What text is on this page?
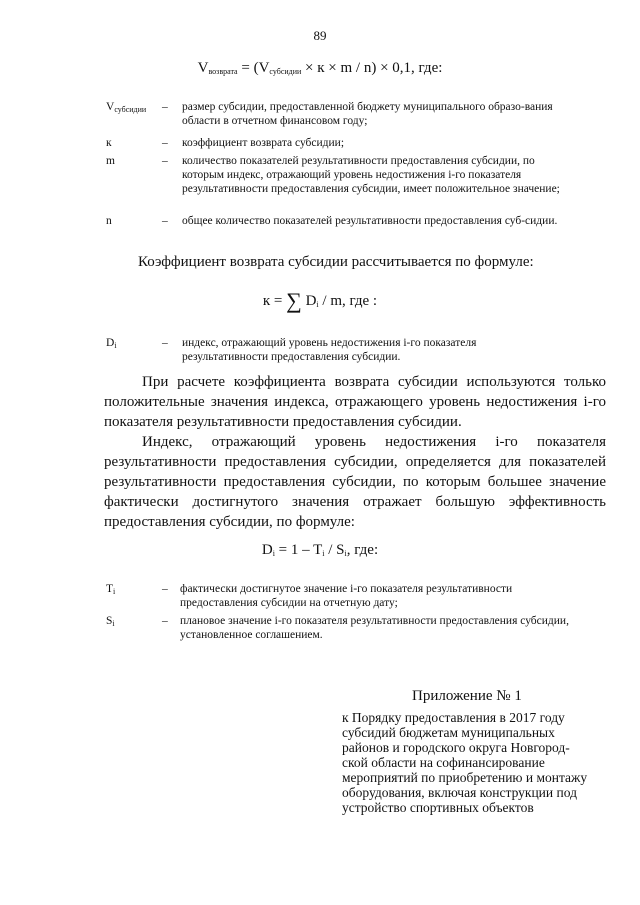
89
$V_{возврата} = (V_{субсидии} \times к \times m / n) \times 0,1$, где:
$V_{субсидии}$ – размер субсидии, предоставленной бюджету муниципального образо-вания области в отчетном финансовом году;
к	– коэффициент возврата субсидии;
m	– количество показателей результативности предоставления субсидии, по которым индекс, отражающий уровень недостижения i-го показателя результативности предоставления субсидии, имеет положительное значение;
n	– общее количество показателей результативности предоставления суб-сидии.
Коэффициент возврата субсидии рассчитывается по формуле:
к = ∑ $D_i$ / m, где :
$D_i$	– индекс, отражающий уровень недостижения i-го показателя результативности предоставления субсидии.
При расчете коэффициента возврата субсидии используются только положительные значения индекса, отражающего уровень недостижения i-го показателя результативности предоставления субсидии.
Индекс, отражающий уровень недостижения i-го показателя результативности предоставления субсидии, определяется для показателей результативности предоставления субсидии, по которым большее значение фактически достигнутого значения отражает большую эффективность предоставления субсидии, по формуле:
$D_i = 1 - T_i / S_i$, где:
$T_i$	– фактически достигнутое значение i-го показателя результативности предоставления субсидии на отчетную дату;
$S_i$	– плановое значение i-го показателя результативности предоставления субсидии, установленное соглашением.
Приложение № 1
к Порядку предоставления в 2017 году
субсидий бюджетам муниципальных
районов и городского округа Новгород-
ской области на софинансирование
мероприятий по приобретению и монтажу
оборудования, включая конструкции под
устройство спортивных объектов
